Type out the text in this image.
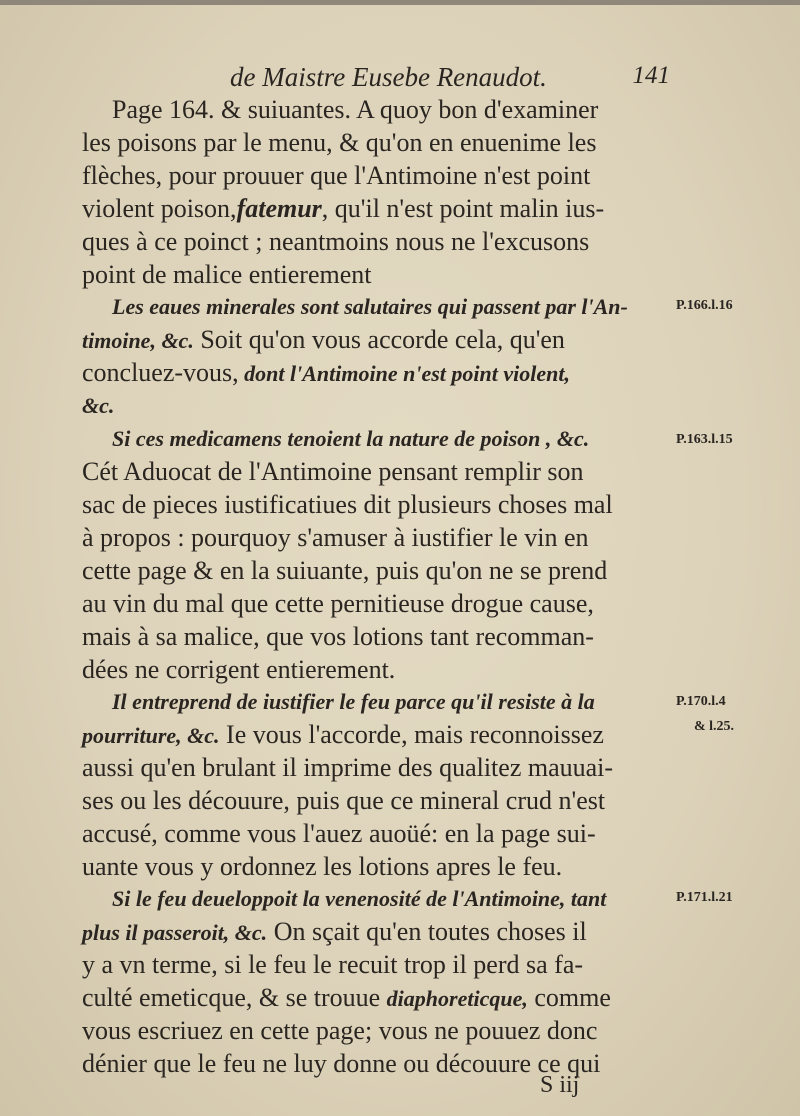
de Maistre Eusebe Renaudot.	141
Page 164. & suiuantes. A quoy bon d'examiner
les poisons par le menu, & qu'on en enuenime les
flèches, pour prouuer que l'Antimoine n'est point
violent poison,fatemur, qu'il n'est point malin ius-
ques à ce poinct ; neantmoins nous ne l'excusons
point de malice entierement
Les eaues minerales sont salutaires qui passent par l'An-	P.166.l.16
timoine, &c. Soit qu'on vous accorde cela, qu'en
concluez-vous, dont l'Antimoine n'est point violent,
&c.
Si ces medicamens tenoient la nature de poison , &c.	P.163.l.15
Cét Aduocat de l'Antimoine pensant remplir son
sac de pieces iustificatiues dit plusieurs choses mal
à propos : pourquoy s'amuser à iustifier le vin en
cette page & en la suiuante, puis qu'on ne se prend
au vin du mal que cette pernitieuse drogue cause,
mais à sa malice, que vos lotions tant recomman-
dées ne corrigent entierement.
Il entreprend de iustifier le feu parce qu'il resiste à la	P.170.l.4
pourriture, &c. Ie vous l'accorde, mais reconnoissez	& l.25.
aussi qu'en brulant il imprime des qualitez mauuai-
ses ou les découure, puis que ce mineral crud n'est
accusé, comme vous l'auez auoüé: en la page sui-
uante vous y ordonnez les lotions apres le feu.
Si le feu deueloppoit la venenosité de l'Antimoine, tant	P.171.l.21
plus il passeroit, &c. On sçait qu'en toutes choses il
y a vn terme, si le feu le recuit trop il perd sa fa-
culté emeticque, & se trouue diaphoreticque, comme
vous escriuez en cette page; vous ne pouuez donc
dénier que le feu ne luy donne ou découure ce qui
S iij
